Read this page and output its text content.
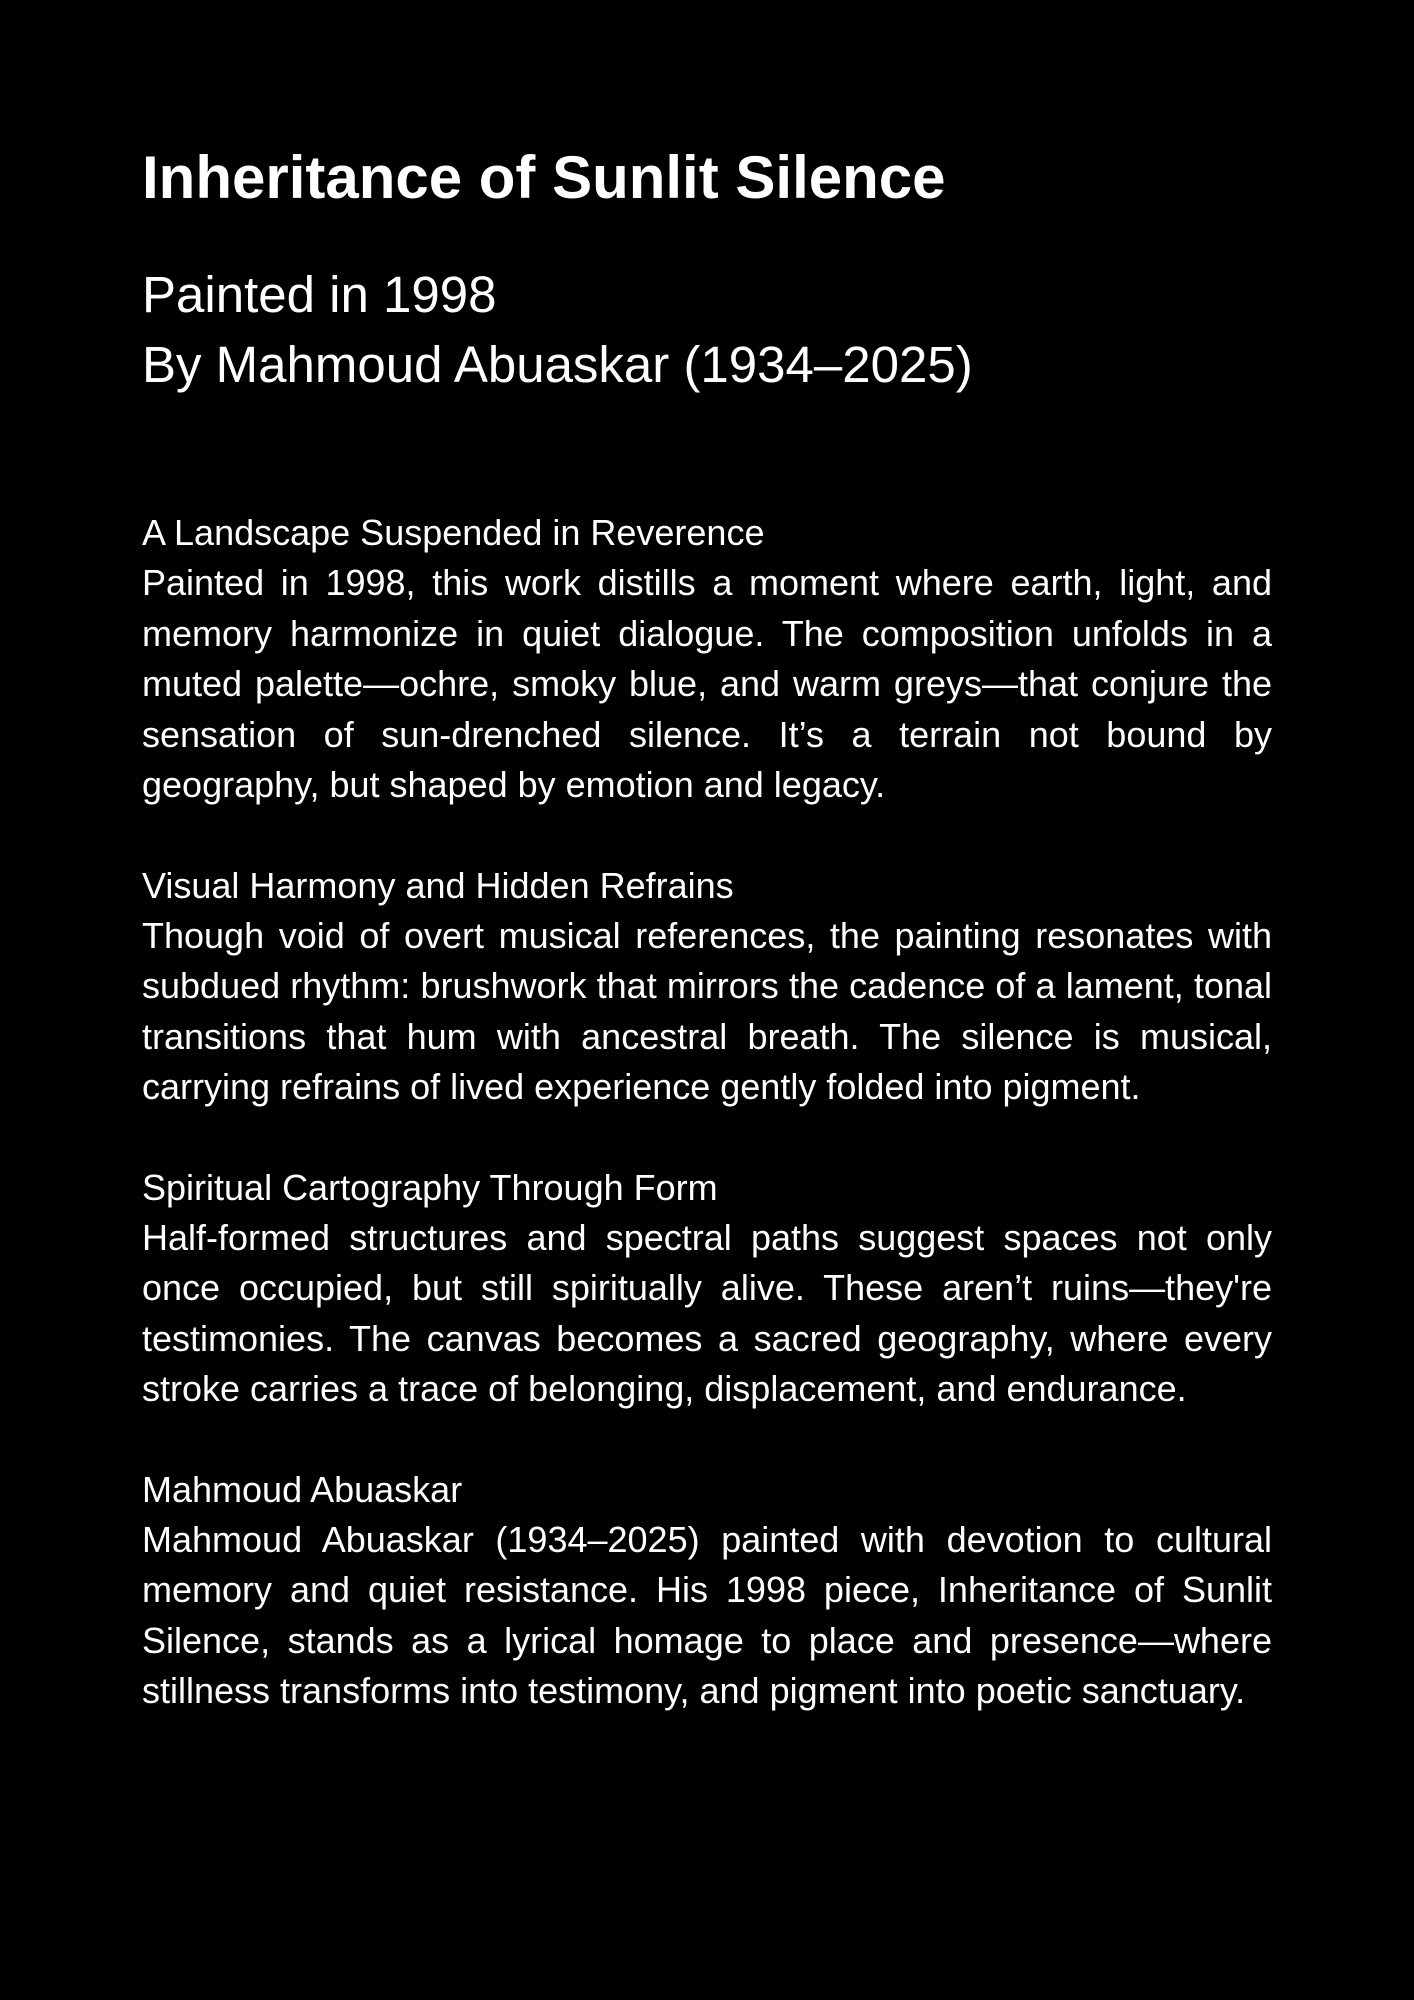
Inheritance of Sunlit Silence
Painted in 1998
By Mahmoud Abuaskar (1934–2025)

A Landscape Suspended in Reverence

Painted in 1998, this work distills a moment where earth, light, and memory harmonize in quiet dialogue. The composition unfolds in a muted palette—ochre, smoky blue, and warm greys—that conjure the sensation of sun-drenched silence. It’s a terrain not bound by geography, but shaped by emotion and legacy.

Visual Harmony and Hidden Refrains

Though void of overt musical references, the painting resonates with subdued rhythm: brushwork that mirrors the cadence of a lament, tonal transitions that hum with ancestral breath. The silence is musical, carrying refrains of lived experience gently folded into pigment.

Spiritual Cartography Through Form

Half-formed structures and spectral paths suggest spaces not only once occupied, but still spiritually alive. These aren’t ruins—they're testimonies. The canvas becomes a sacred geography, where every stroke carries a trace of belonging, displacement, and endurance.

Mahmoud Abuaskar

Mahmoud Abuaskar (1934–2025) painted with devotion to cultural memory and quiet resistance. His 1998 piece, Inheritance of Sunlit Silence, stands as a lyrical homage to place and presence—where stillness transforms into testimony, and pigment into poetic sanctuary.
